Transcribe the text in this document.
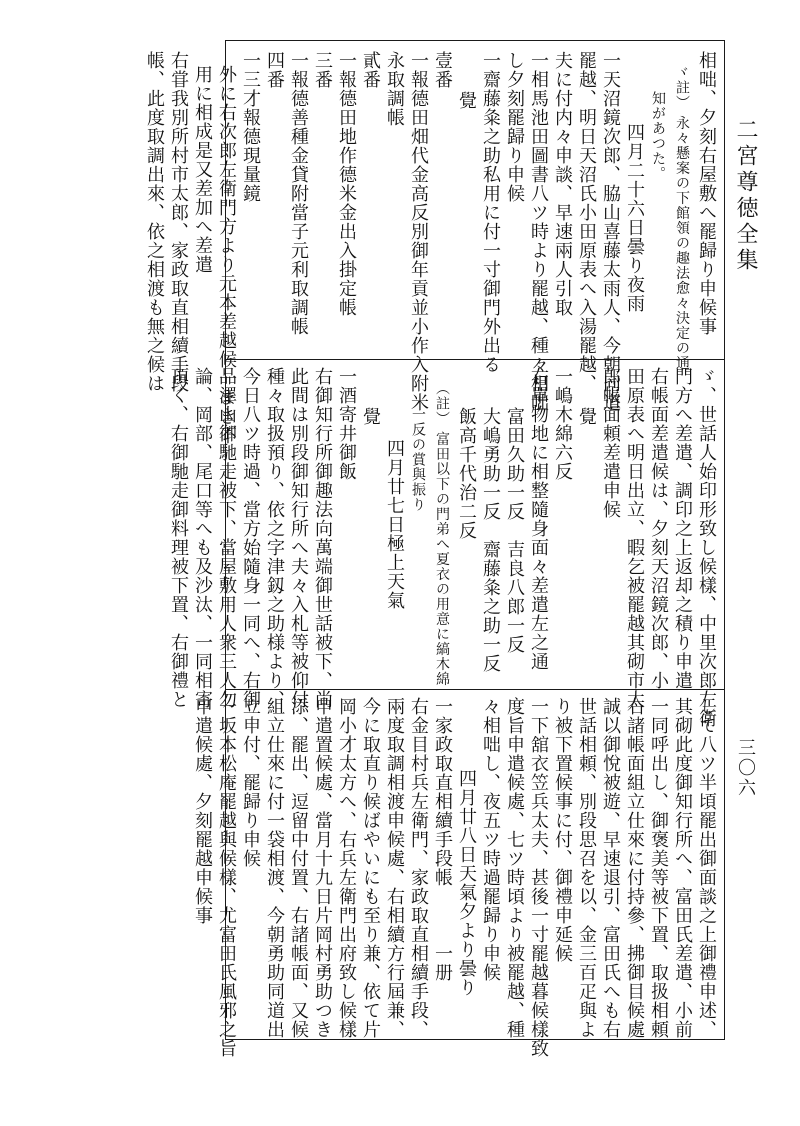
二宮尊徳全集
三〇六
相咄、夕刻右屋敷へ罷歸り申候事
ヾ註） 永々懸案の下館領の趣法愈々決定の通
知があつた。
四月二十六日曇り夜雨
一天沼鏡次郎、脇山喜藤太雨人、今朝同道
罷越、明日天沼氏小田原表へ入湯罷越、
夫に付内々申談、早速兩人引取
一相馬池田圖書八ツ時より罷越、種々相咄
し夕刻罷歸り申候
一齋藤粂之助私用に付一寸御門外出る
覺
壹番
一報德田畑代金高反別御年貢並小作入附米
永取調帳
貳番
一報德田地作德米金出入掛定帳
三番
一報德善種金貸附當子元利取調帳
四番
一三才報德現量鏡
外に右次郎左衛門方より元本差越候一まき不
用に相成是又差加へ差遣
右甞我別所村市太郎、家政取直相續手段
帳、此度取調出來、依之相渡も無之候は
ゞ、世話人始印形致し候樣、中里次郎左衛
門方へ差遣、調印之上返却之積り申遣
右帳面差遣候は、夕刻天沼鏡次郎、小
田原表へ明日出立、暇乞被罷越其砌市太
郎帳面頼差遣申候
覺
一嶋木綿六反
右單物地に相整隨身面々差遣左之通
富田久助一反　吉良八郎一反
大嶋勇助一反　齋藤粂之助一反
飯高千代治二反
（註） 富田以下の門弟へ夏衣の用意に縞木綿
一反の賞與振り
四月廿七日極上天氣
覺
一酒寄井御飯
右御知行所御趣法向萬端御世話被下、尚
此間は別段御知行所へ夫々入札等被仰付
種々取扱預り、依之字津釼之助様より、
今日八ツ時過、當方始隨身一同へ、右御
品澤山御馳走被下、當屋敷用人衆三人勿
論、岡部、尾口等へも及沙汰、一同相寄
頂く、右御馳走御料理被下置、右御禮と
して八ツ半頃罷出御面談之上御禮申述、
其砌此度御知行所へ、富田氏差遣、小前
一同呼出し、御褒美等被下置、取扱相頼
右諸帳面組立仕來に付持參、拂御目候處
誠以御悅被遊、早速退引、富田氏へも右
世話相頼、別段思召を以、金三百疋與よ
り被下置候事に付、御禮申延候
一下舘衣笠兵太夫、甚後一寸罷越暮候樣致
度旨申遣候處、七ツ時頃より被罷越、種
々相咄し、夜五ツ時過罷歸り申候
四月廿八日天氣夕より曇り
一家政取直相續手段帳　　　一册
右金目村兵左衛門、家政取直相續手段、
兩度取調相渡申候處、右相續方行屆兼、
今に取直り候ばやいにも至り兼、依て片
岡小才太方へ、右兵左衛門出府致し候樣
申遣置候處、當月十九日片岡村勇助つき
添、罷出、逗留中付置、右諸帳面、又候
組立仕來に付一袋相渡、今朝勇助同道出
立申付、罷歸り申候
一坂本松庵罷越與候樣、尤富田氏風邪之旨
申遣候處、夕刻罷越申候事
